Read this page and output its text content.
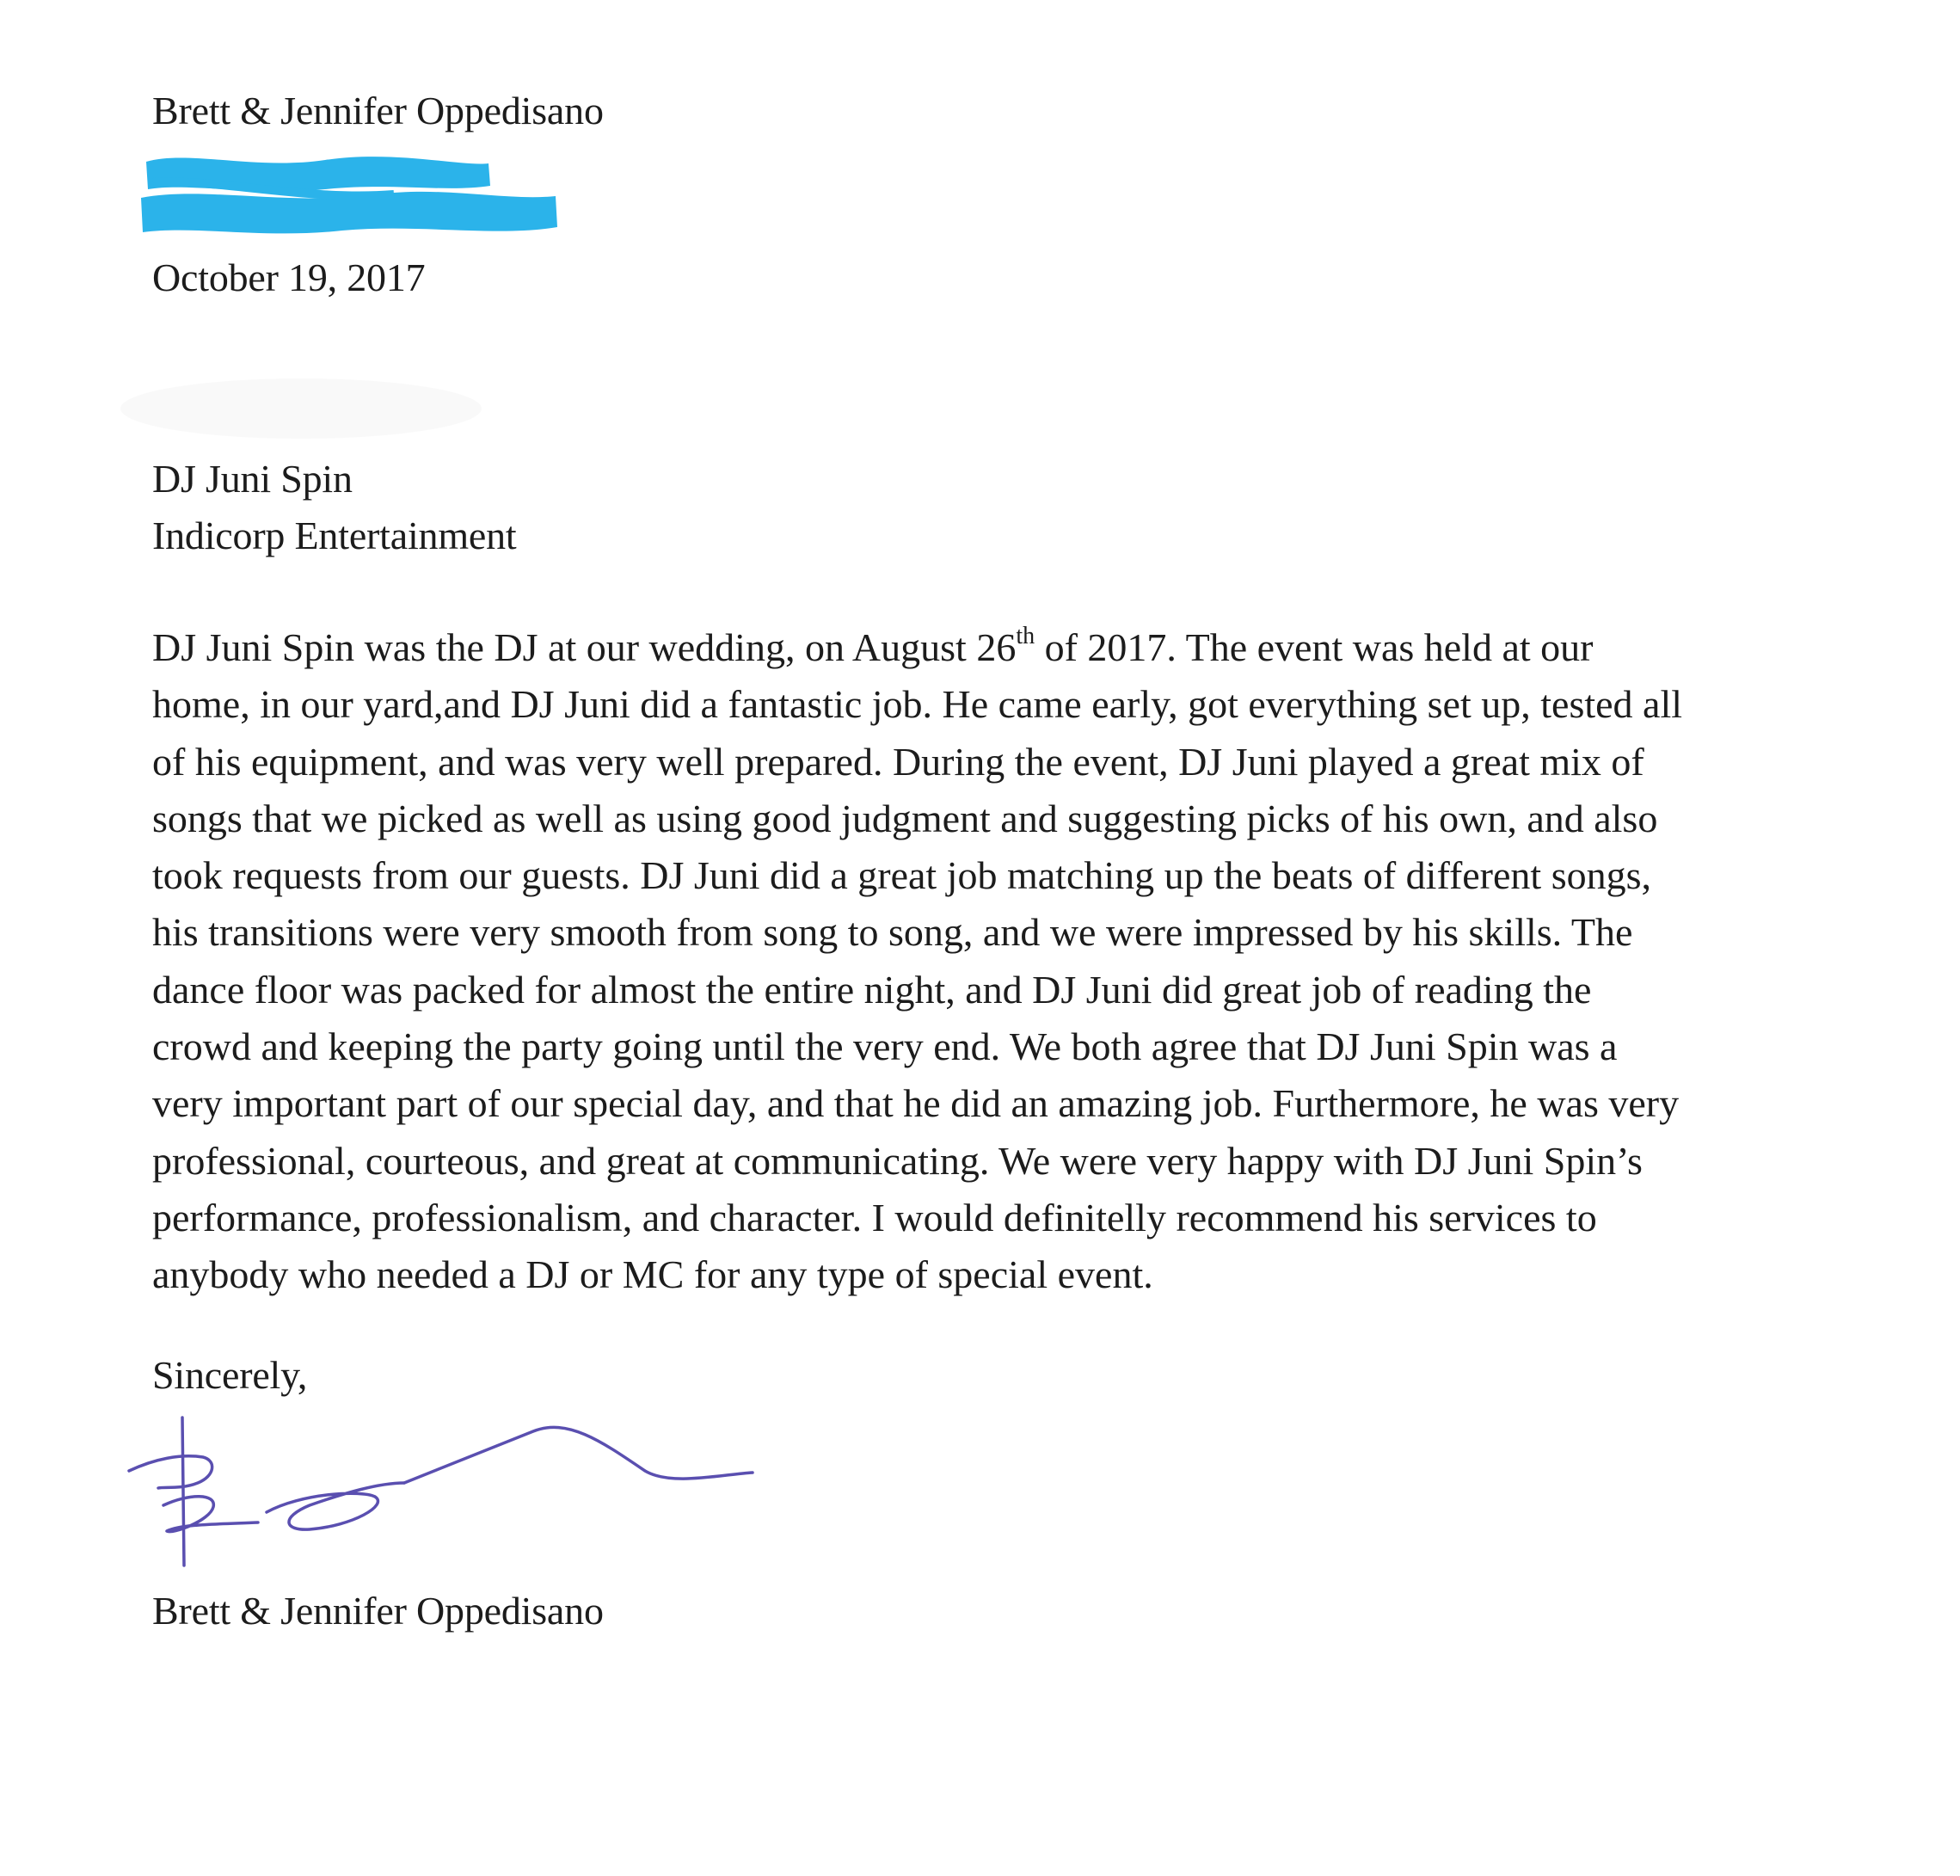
Brett & Jennifer Oppedisano
October 19, 2017
DJ Juni Spin
Indicorp Entertainment
DJ Juni Spin was the DJ at our wedding, on August 26th of 2017. The event was held at our
home, in our yard,and DJ Juni did a fantastic job. He came early, got everything set up, tested all
of his equipment, and was very well prepared. During the event, DJ Juni played a great mix of
songs that we picked as well as using good judgment and suggesting picks of his own, and also
took requests from our guests. DJ Juni did a great job matching up the beats of different songs,
his transitions were very smooth from song to song, and we were impressed by his skills. The
dance floor was packed for almost the entire night, and DJ Juni did great job of reading the
crowd and keeping the party going until the very end. We both agree that DJ Juni Spin was a
very important part of our special day, and that he did an amazing job. Furthermore, he was very
professional, courteous, and great at communicating. We were very happy with DJ Juni Spin’s
performance, professionalism, and character. I would definitelly recommend his services to
anybody who needed a DJ or MC for any type of special event.
Sincerely,
Brett & Jennifer Oppedisano
